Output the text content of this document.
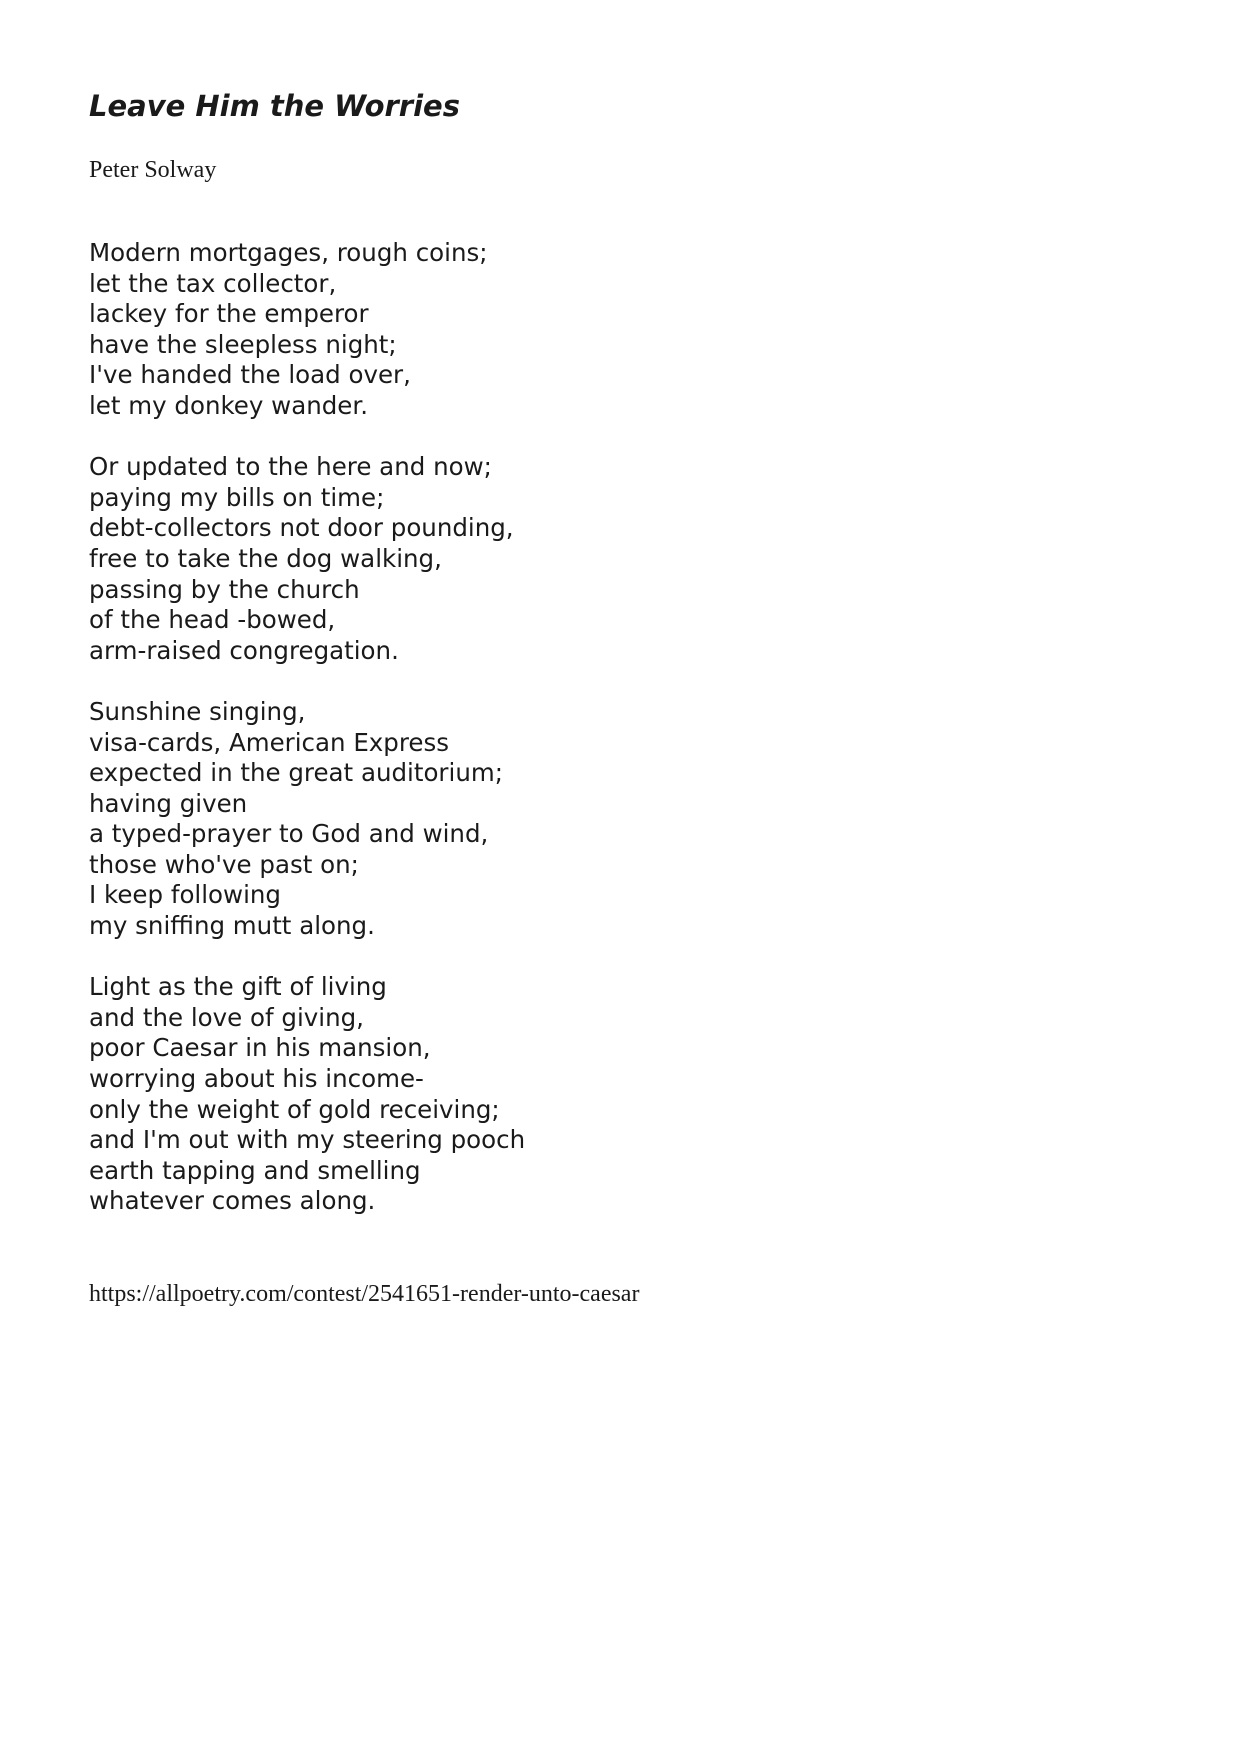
Leave Him the Worries

Peter Solway

Modern mortgages, rough coins;
let the tax collector,
lackey for the emperor
have the sleepless night;
I've handed the load over,
let my donkey wander.

Or updated to the here and now;
paying my bills on time;
debt-collectors not door pounding,
free to take the dog walking,
passing by the church
of the head -bowed,
arm-raised congregation.

Sunshine singing,
visa-cards, American Express
expected in the great auditorium;
having given
a typed-prayer to God and wind,
those who've past on;
I keep following
my sniffing mutt along.

Light as the gift of living
and the love of giving,
poor Caesar in his mansion,
worrying about his income-
only the weight of gold receiving;
and I'm out with my steering pooch
earth tapping and smelling
whatever comes along.

https://allpoetry.com/contest/2541651-render-unto-caesar
